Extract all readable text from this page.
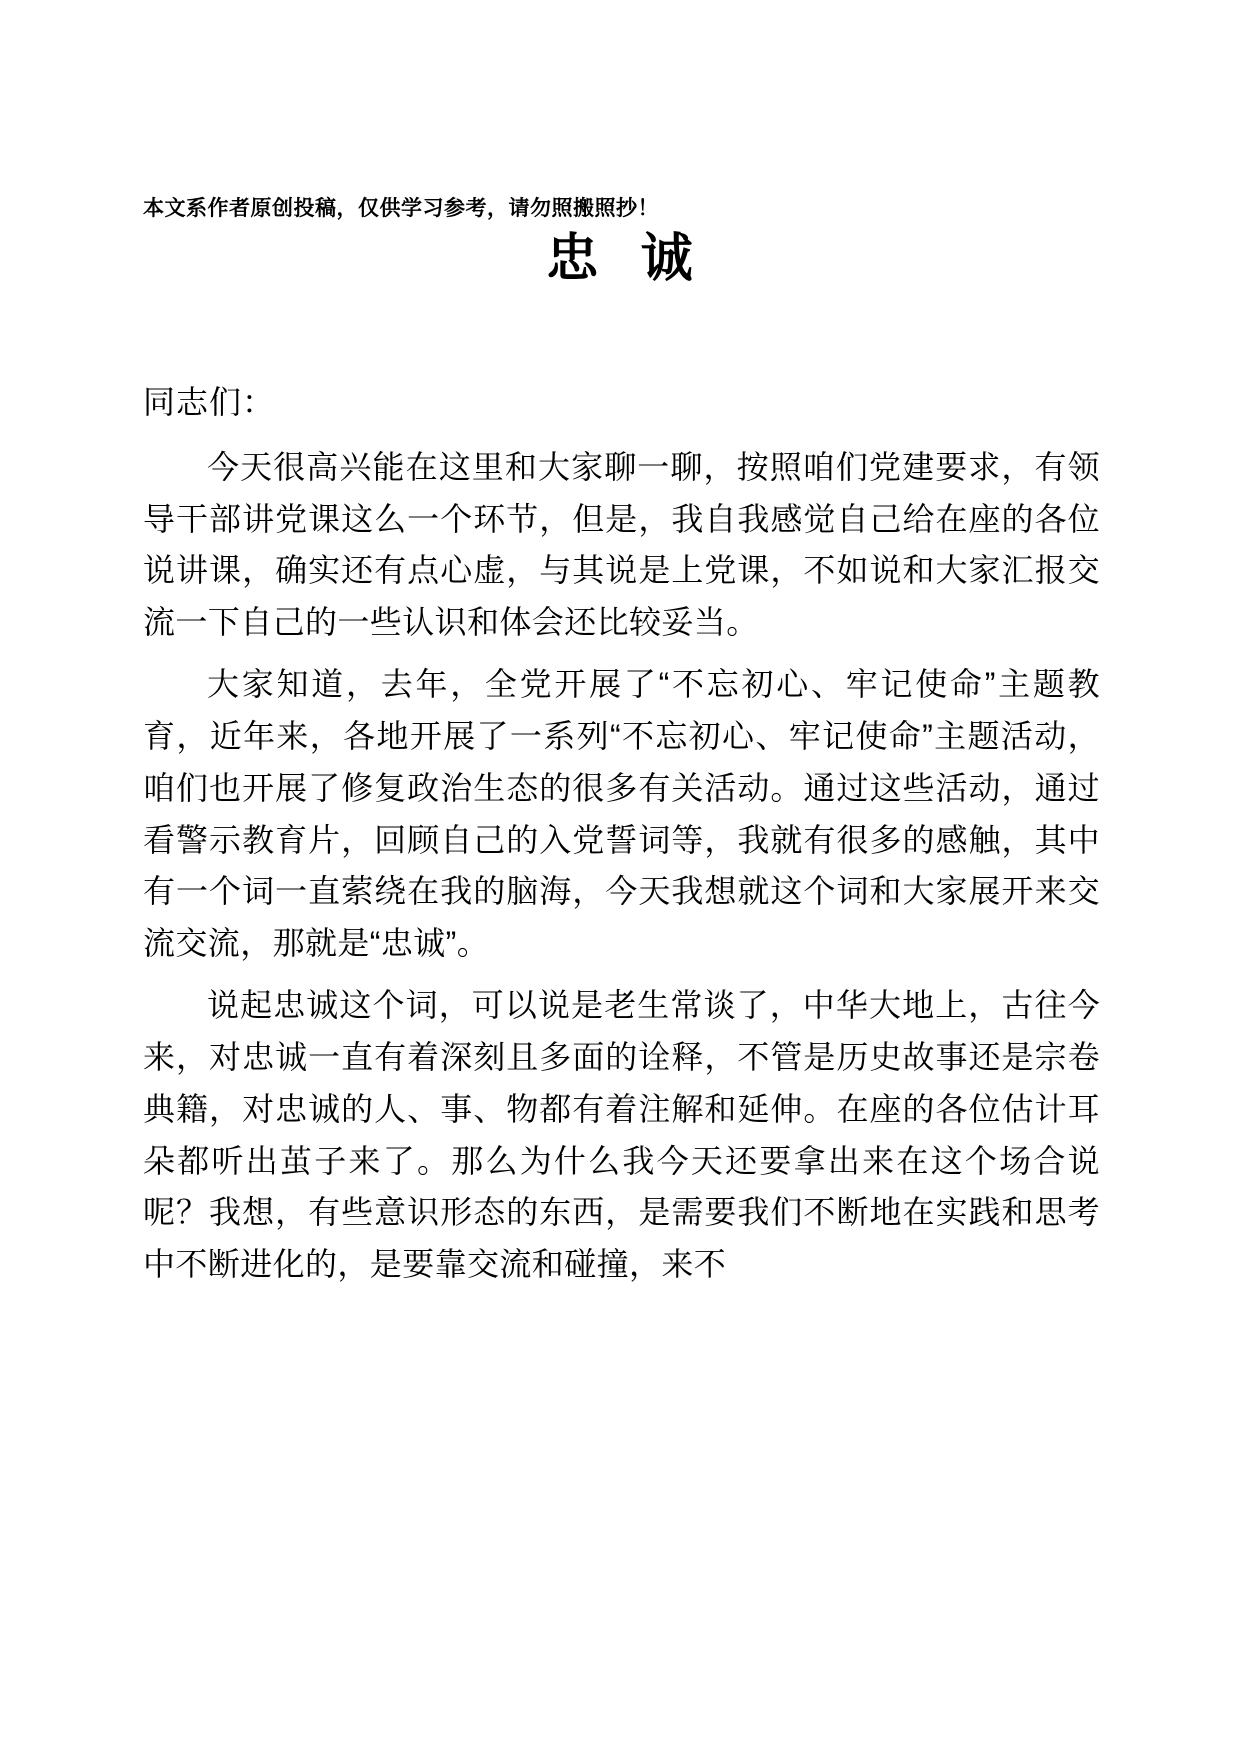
本文系作者原创投稿，仅供学习参考，请勿照搬照抄！
忠 诚
同志们：

今天很高兴能在这里和大家聊一聊，按照咱们党建要求，有领导干部讲党课这么一个环节，但是，我自我感觉自己给在座的各位说讲课，确实还有点心虚，与其说是上党课，不如说和大家汇报交流一下自己的一些认识和体会还比较妥当。

大家知道，去年，全党开展了“不忘初心、牢记使命”主题教育，近年来，各地开展了一系列“不忘初心、牢记使命”主题活动，咱们也开展了修复政治生态的很多有关活动。通过这些活动，通过看警示教育片，回顾自己的入党誓词等，我就有很多的感触，其中有一个词一直萦绕在我的脑海，今天我想就这个词和大家展开来交流交流，那就是“忠诚”。

说起忠诚这个词，可以说是老生常谈了，中华大地上，古往今来，对忠诚一直有着深刻且多面的诠释，不管是历史故事还是宗卷典籍，对忠诚的人、事、物都有着注解和延伸。在座的各位估计耳朵都听出茧子来了。那么为什么我今天还要拿出来在这个场合说呢？我想，有些意识形态的东西，是需要我们不断地在实践和思考中不断进化的，是要靠交流和碰撞，来不
